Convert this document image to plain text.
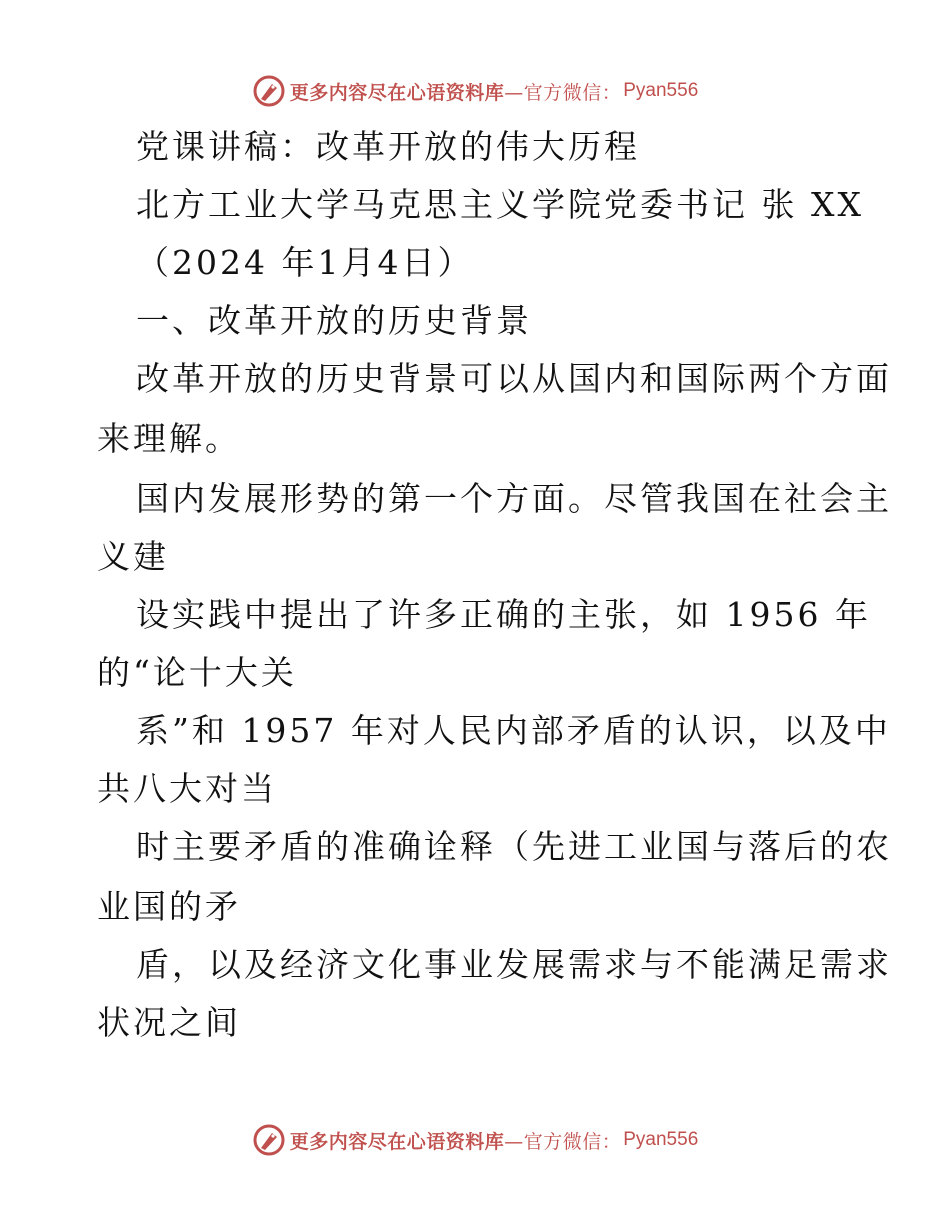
更多内容尽在心语资料库 —官方微信： Pyan556
党课讲稿：改革开放的伟大历程
北方工业大学马克思主义学院党委书记 张 XX
（2024 年1月4日）
一、改革开放的历史背景
改革开放的历史背景可以从国内和国际两个方面
来理解。
国内发展形势的第一个方面。尽管我国在社会主
义建
设实践中提出了许多正确的主张，如 1956 年
的“论十大关
系”和 1957 年对人民内部矛盾的认识，以及中
共八大对当
时主要矛盾的准确诠释（先进工业国与落后的农
业国的矛
盾，以及经济文化事业发展需求与不能满足需求
状况之间
更多内容尽在心语资料库 —官方微信： Pyan556
